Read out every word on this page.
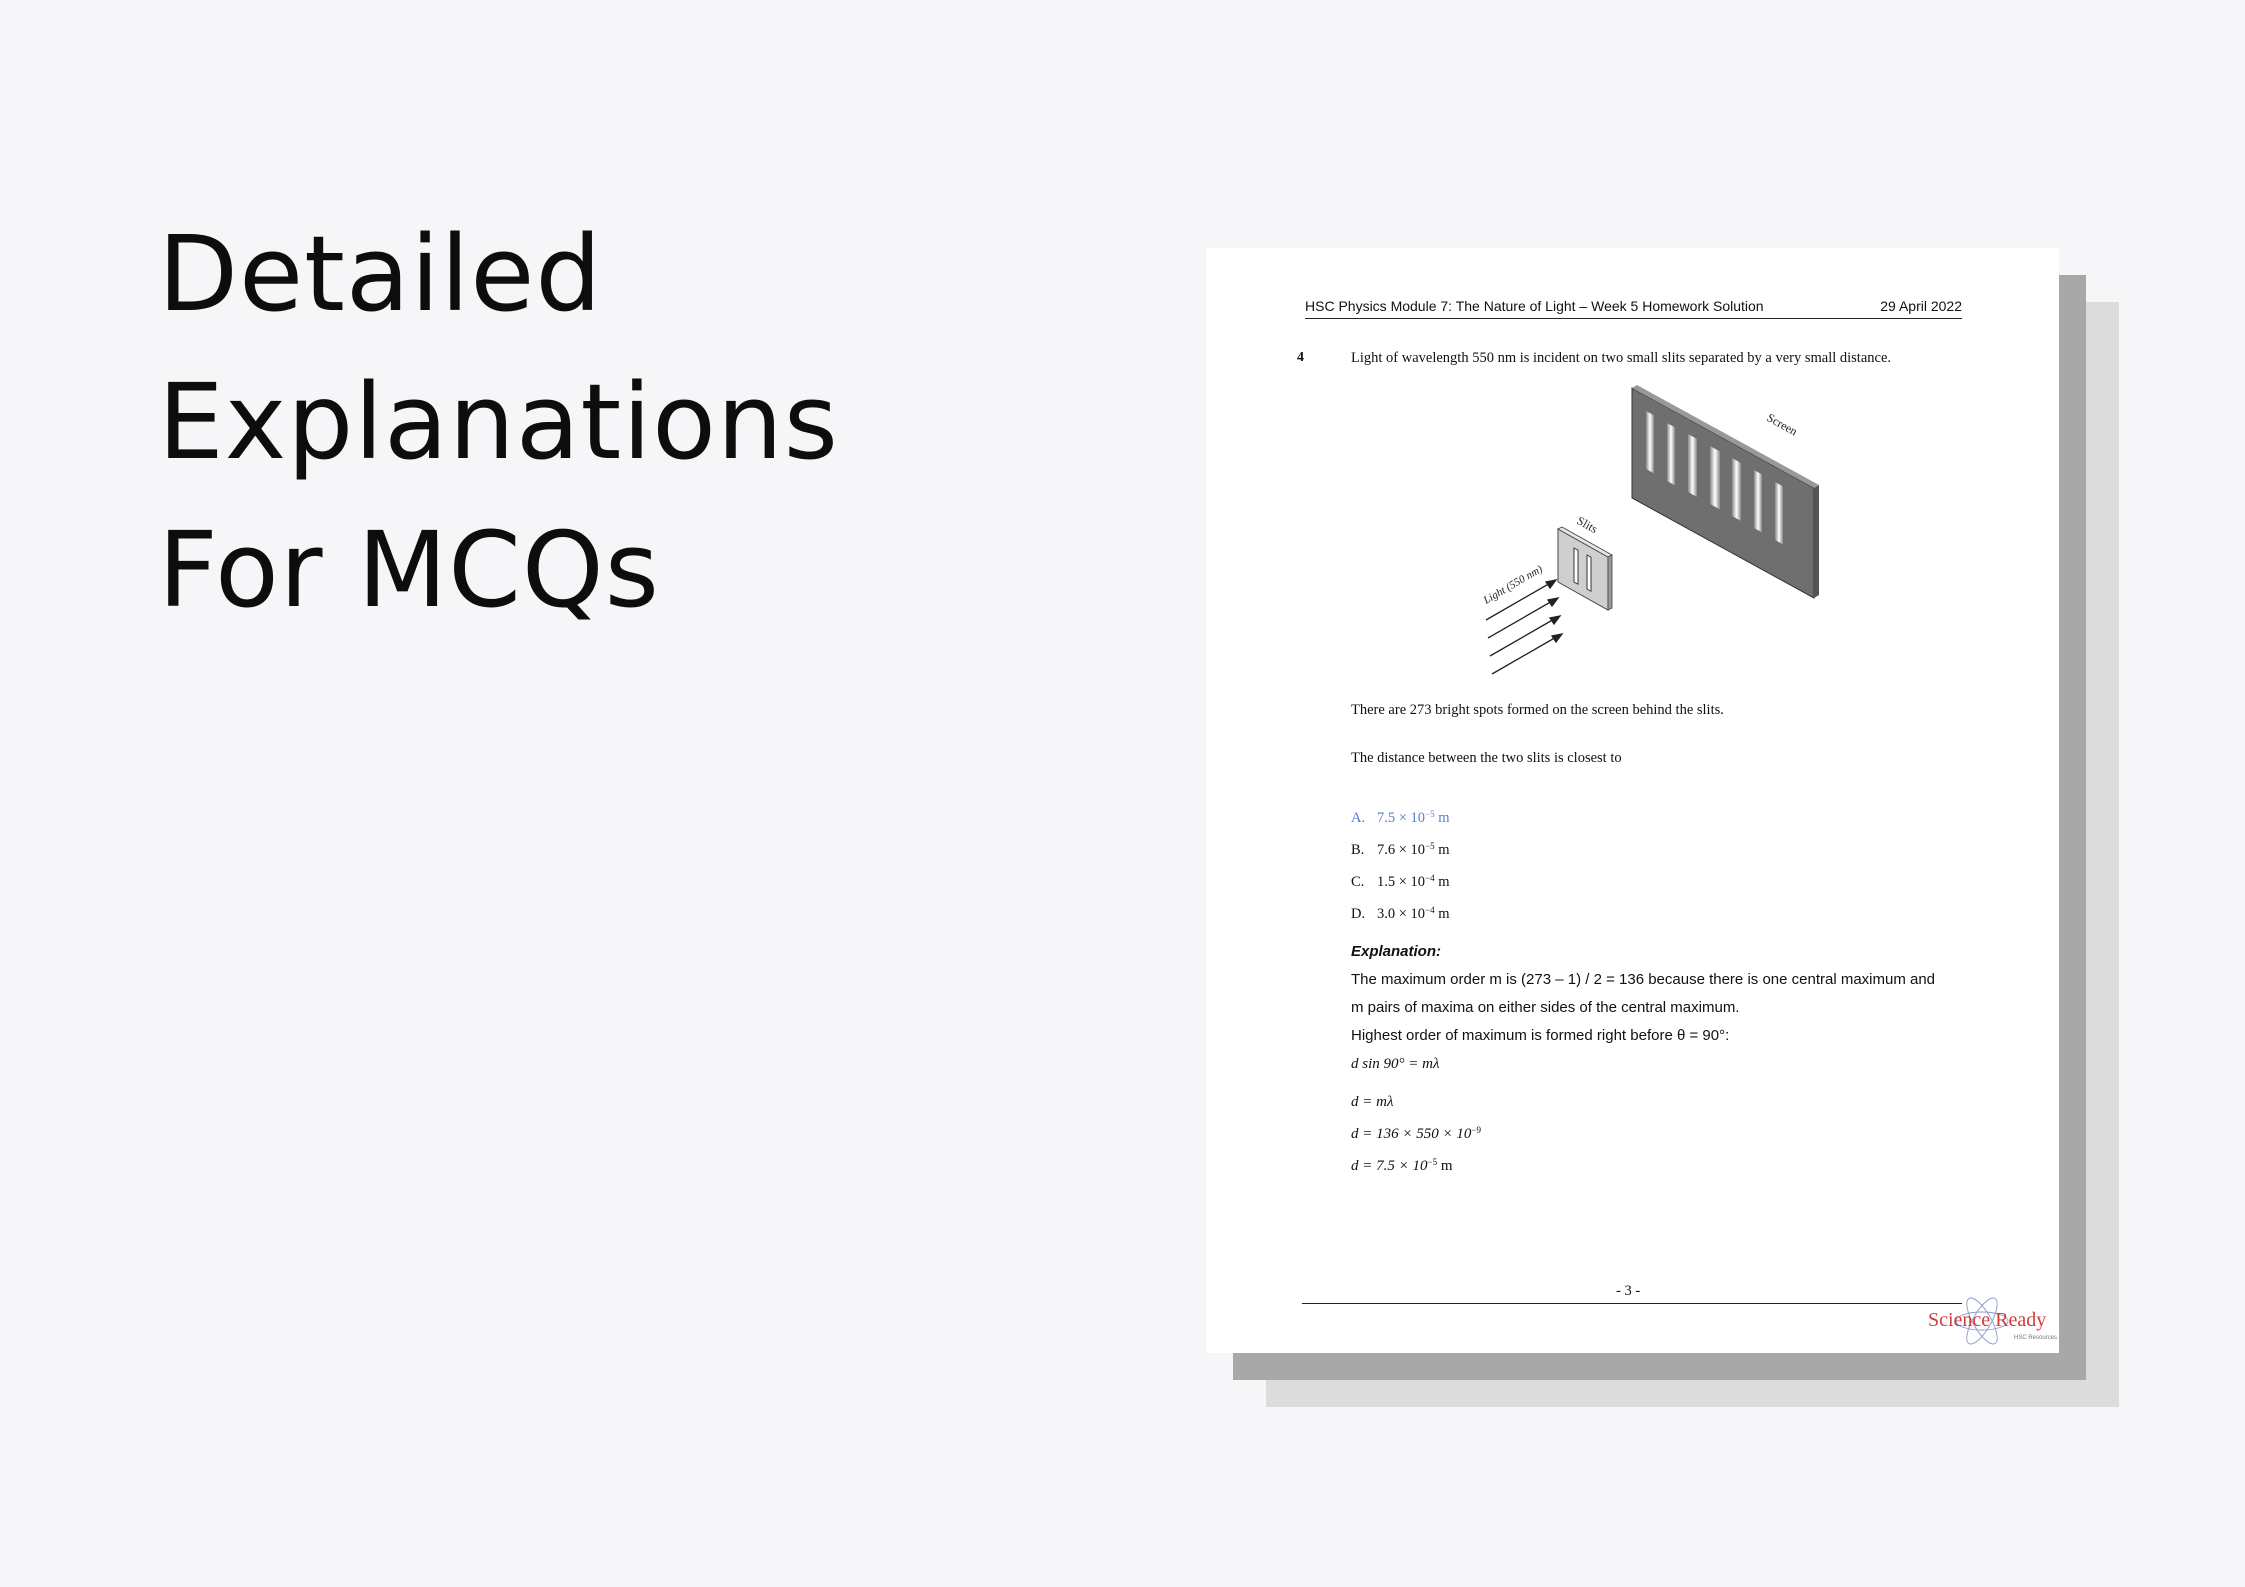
Detailed
Explanations
For MCQs
HSC Physics Module 7: The Nature of Light – Week 5 Homework Solution	29 April 2022
4	Light of wavelength 550 nm is incident on two small slits separated by a very small distance.
Screen
Slits
Light (550 nm)
There are 273 bright spots formed on the screen behind the slits.
The distance between the two slits is closest to
A. $7.5 \times 10^{-5}$ m
B. $7.6 \times 10^{-5}$ m
C. $1.5 \times 10^{-4}$ m
D. $3.0 \times 10^{-4}$ m
Explanation:
The maximum order m is (273 – 1) / 2 = 136 because there is one central maximum and
m pairs of maxima on either sides of the central maximum.
Highest order of maximum is formed right before θ = 90°:
d sin 90° = mλ
d = mλ
$d = 136 \times 550 \times 10^{-9}$
$d = 7.5 \times 10^{-5}$ m
- 3 -
Science Ready
HSC Resources
